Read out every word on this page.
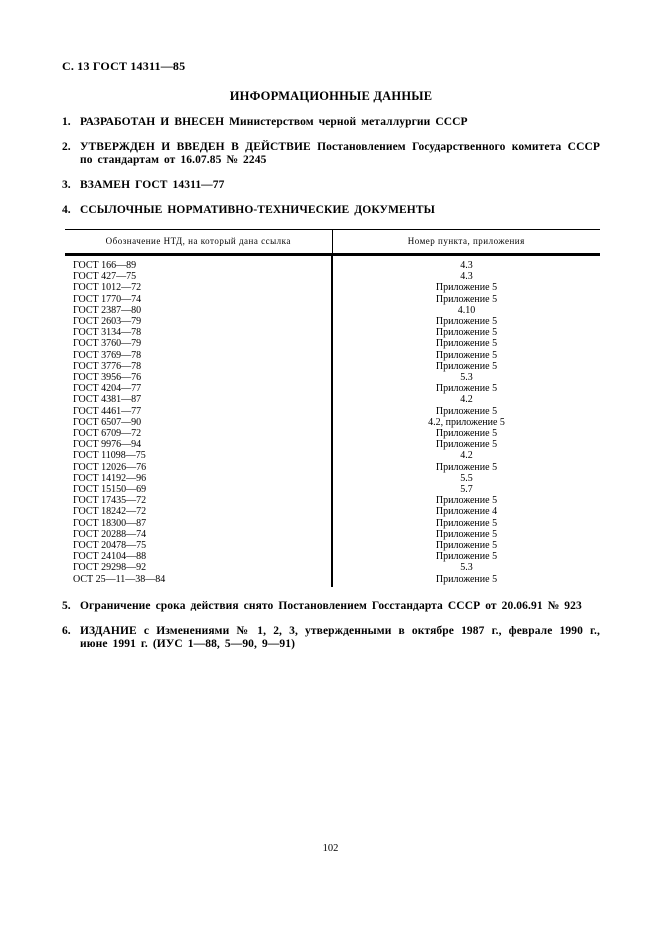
С. 13 ГОСТ 14311—85
ИНФОРМАЦИОННЫЕ ДАННЫЕ
1. РАЗРАБОТАН И ВНЕСЕН Министерством черной металлургии СССР
2. УТВЕРЖДЕН И ВВЕДЕН В ДЕЙСТВИЕ Постановлением Государственного комитета СССР по стандартам от 16.07.85 № 2245
3. ВЗАМЕН ГОСТ 14311—77
4. ССЫЛОЧНЫЕ НОРМАТИВНО-ТЕХНИЧЕСКИЕ ДОКУМЕНТЫ
Обозначение НТД, на который дана ссылка	Номер пункта, приложения
ГОСТ 166—89	4.3
ГОСТ 427—75	4.3
ГОСТ 1012—72	Приложение 5
ГОСТ 1770—74	Приложение 5
ГОСТ 2387—80	4.10
ГОСТ 2603—79	Приложение 5
ГОСТ 3134—78	Приложение 5
ГОСТ 3760—79	Приложение 5
ГОСТ 3769—78	Приложение 5
ГОСТ 3776—78	Приложение 5
ГОСТ 3956—76	5.3
ГОСТ 4204—77	Приложение 5
ГОСТ 4381—87	4.2
ГОСТ 4461—77	Приложение 5
ГОСТ 6507—90	4.2, приложение 5
ГОСТ 6709—72	Приложение 5
ГОСТ 9976—94	Приложение 5
ГОСТ 11098—75	4.2
ГОСТ 12026—76	Приложение 5
ГОСТ 14192—96	5.5
ГОСТ 15150—69	5.7
ГОСТ 17435—72	Приложение 5
ГОСТ 18242—72	Приложение 4
ГОСТ 18300—87	Приложение 5
ГОСТ 20288—74	Приложение 5
ГОСТ 20478—75	Приложение 5
ГОСТ 24104—88	Приложение 5
ГОСТ 29298—92	5.3
ОСТ 25—11—38—84	Приложение 5
5. Ограничение срока действия снято Постановлением Госстандарта СССР от 20.06.91 № 923
6. ИЗДАНИЕ с Изменениями № 1, 2, 3, утвержденными в октябре 1987 г., феврале 1990 г., июне 1991 г. (ИУС 1—88, 5—90, 9—91)
102
